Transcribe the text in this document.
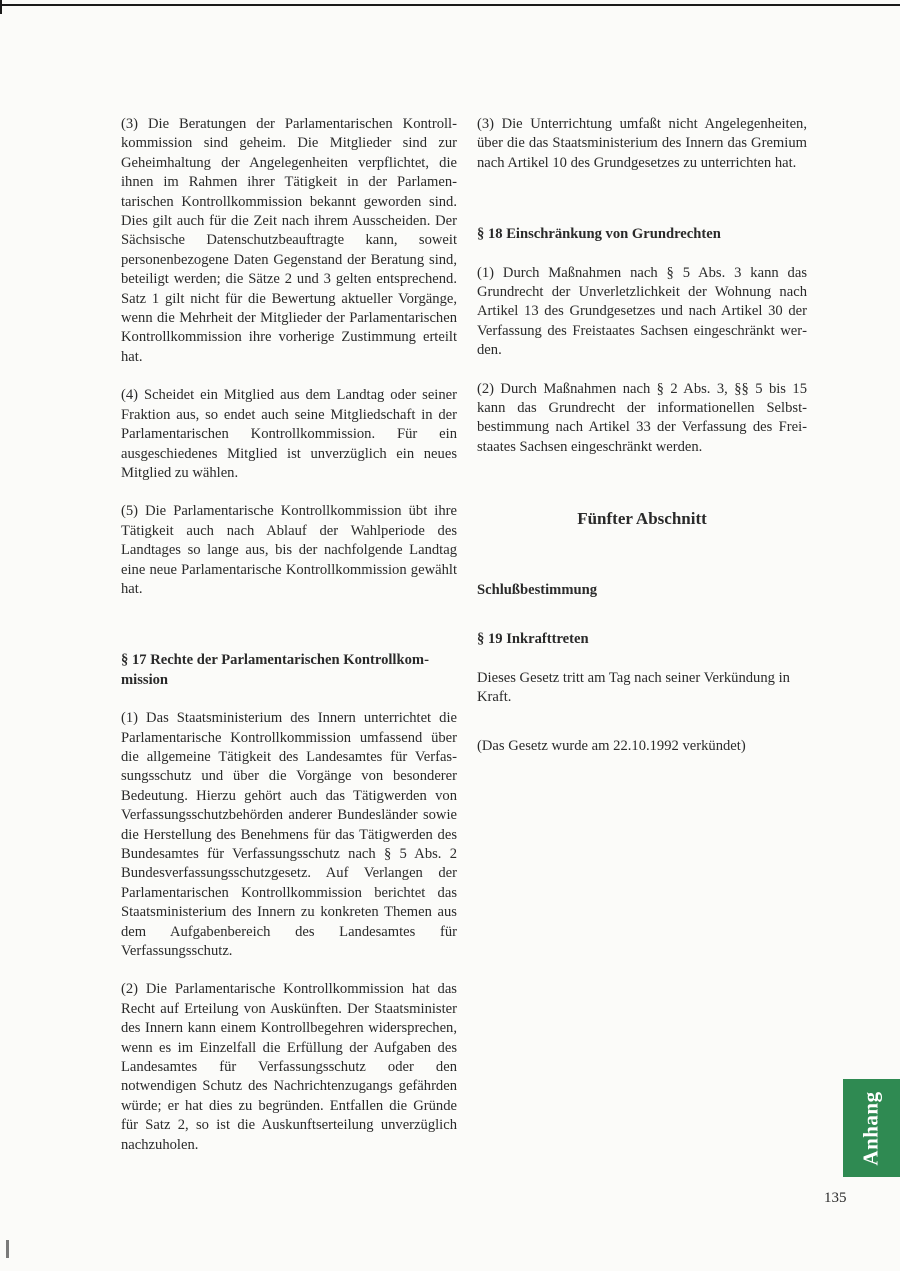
(3) Die Beratungen der Parlamentarischen Kontrollkommission sind geheim. Die Mitglieder sind zur Geheimhaltung der Angelegenheiten verpflichtet, die ihnen im Rahmen ihrer Tätigkeit in der Parlamentarischen Kontrollkommission bekannt geworden sind. Dies gilt auch für die Zeit nach ihrem Ausscheiden. Der Sächsische Datenschutzbeauftragte kann, soweit personenbezogene Daten Gegenstand der Beratung sind, beteiligt werden; die Sätze 2 und 3 gelten entsprechend. Satz 1 gilt nicht für die Bewertung aktueller Vorgänge, wenn die Mehrheit der Mitglieder der Parlamentarischen Kontrollkommission ihre vorherige Zustimmung erteilt hat.

(4) Scheidet ein Mitglied aus dem Landtag oder seiner Fraktion aus, so endet auch seine Mitgliedschaft in der Parlamentarischen Kontrollkommission. Für ein ausgeschiedenes Mitglied ist unverzüglich ein neues Mitglied zu wählen.

(5) Die Parlamentarische Kontrollkommission übt ihre Tätigkeit auch nach Ablauf der Wahlperiode des Landtages so lange aus, bis der nachfolgende Landtag eine neue Parlamentarische Kontrollkommission gewählt hat.

§ 17 Rechte der Parlamentarischen Kontrollkommission

(1) Das Staatsministerium des Innern unterrichtet die Parlamentarische Kontrollkommission umfassend über die allgemeine Tätigkeit des Landesamtes für Verfassungsschutz und über die Vorgänge von besonderer Bedeutung. Hierzu gehört auch das Tätigwerden von Verfassungsschutzbehörden anderer Bundesländer sowie die Herstellung des Benehmens für das Tätigwerden des Bundesamtes für Verfassungsschutz nach § 5 Abs. 2 Bundesverfassungsschutzgesetz. Auf Verlangen der Parlamentarischen Kontrollkommission berichtet das Staatsministerium des Innern zu konkreten Themen aus dem Aufgabenbereich des Landesamtes für Verfassungsschutz.

(2) Die Parlamentarische Kontrollkommission hat das Recht auf Erteilung von Auskünften. Der Staatsminister des Innern kann einem Kontrollbegehren widersprechen, wenn es im Einzelfall die Erfüllung der Aufgaben des Landesamtes für Verfassungsschutz oder den notwendigen Schutz des Nachrichtenzugangs gefährden würde; er hat dies zu begründen. Entfallen die Gründe für Satz 2, so ist die Auskunftserteilung unverzüglich nachzuholen.

(3) Die Unterrichtung umfaßt nicht Angelegenheiten, über die das Staatsministerium des Innern das Gremium nach Artikel 10 des Grundgesetzes zu unterrichten hat.

§ 18 Einschränkung von Grundrechten

(1) Durch Maßnahmen nach § 5 Abs. 3 kann das Grundrecht der Unverletzlichkeit der Wohnung nach Artikel 13 des Grundgesetzes und nach Artikel 30 der Verfassung des Freistaates Sachsen eingeschränkt werden.

(2) Durch Maßnahmen nach § 2 Abs. 3, §§ 5 bis 15 kann das Grundrecht der informationellen Selbstbestimmung nach Artikel 33 der Verfassung des Freistaates Sachsen eingeschränkt werden.

Fünfter Abschnitt
Schlußbestimmung
§ 19 Inkrafttreten

Dieses Gesetz tritt am Tag nach seiner Verkündung in Kraft.

(Das Gesetz wurde am 22.10.1992 verkündet)

Anhang
135
